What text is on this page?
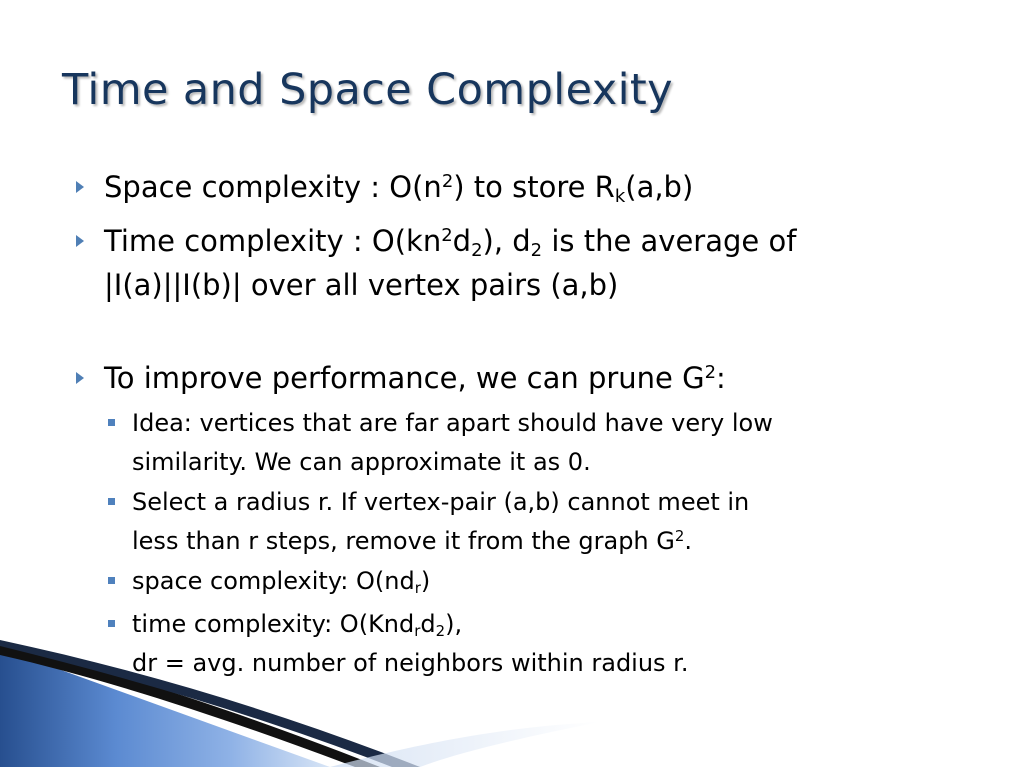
Time and Space Complexity
Space complexity : $O(n^2)$ to store $R_k(a,b)$
Time complexity : $O(kn^2d_2)$, $d_2$ is the average of
|I(a)||I(b)| over all vertex pairs (a,b)
To improve performance, we can prune $G^2$:
Idea: vertices that are far apart should have very low
similarity. We can approximate it as 0.
Select a radius r. If vertex-pair (a,b) cannot meet in
less than r steps, remove it from the graph $G^2$.
space complexity: $O(nd_r)$
time complexity: $O(Knd_rd_2)$,
dr = avg. number of neighbors within radius r.
